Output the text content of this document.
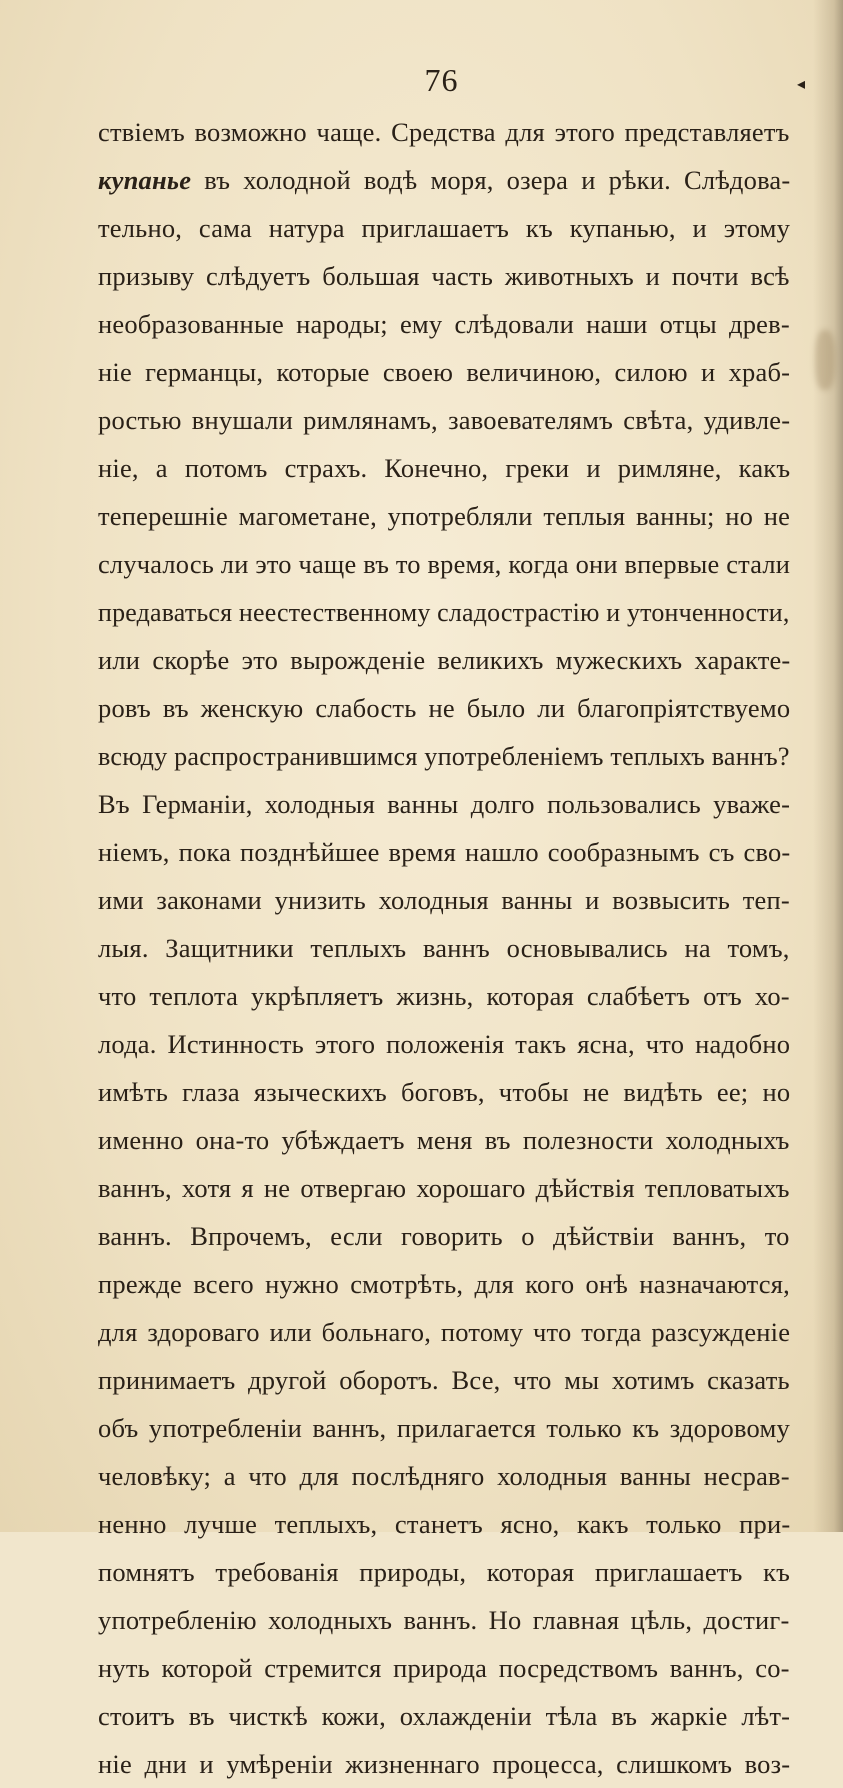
76	◂
ствіемъ возможно чаще. Средства для этого представляетъ
купанье въ холодной водѣ моря, озера и рѣки. Слѣдова-
тельно, сама натура приглашаетъ къ купанью, и этому
призыву слѣдуетъ большая часть животныхъ и почти всѣ
необразованные народы; ему слѣдовали наши отцы древ-
ніе германцы, которые своею величиною, силою и храб-
ростью внушали римлянамъ, завоевателямъ свѣта, удивле-
ніе, а потомъ страхъ. Конечно, греки и римляне, какъ
теперешніе магометане, употребляли теплыя ванны; но не
случалось ли это чаще въ то время, когда они впервые стали
предаваться неестественному сладострастію и утонченности,
или скорѣе это вырожденіе великихъ мужескихъ характе-
ровъ въ женскую слабость не было ли благопріятствуемо
всюду распространившимся употребленіемъ теплыхъ ваннъ?
Въ Германіи, холодныя ванны долго пользовались уваже-
ніемъ, пока позднѣйшее время нашло сообразнымъ съ сво-
ими законами унизить холодныя ванны и возвысить теп-
лыя. Защитники теплыхъ ваннъ основывались на томъ,
что теплота укрѣпляетъ жизнь, которая слабѣетъ отъ хо-
лода. Истинность этого положенія такъ ясна, что надобно
имѣть глаза языческихъ боговъ, чтобы не видѣть ее; но
именно она-то убѣждаетъ меня въ полезности холодныхъ
ваннъ, хотя я не отвергаю хорошаго дѣйствія тепловатыхъ
ваннъ. Впрочемъ, если говорить о дѣйствіи ваннъ, то
прежде всего нужно смотрѣть, для кого онѣ назначаются,
для здороваго или больнаго, потому что тогда разсужденіе
принимаетъ другой оборотъ. Все, что мы хотимъ сказать
объ употребленіи ваннъ, прилагается только къ здоровому
человѣку; а что для послѣдняго холодныя ванны несрав-
ненно лучше теплыхъ, станетъ ясно, какъ только при-
помнятъ требованія природы, которая приглашаетъ къ
употребленію холодныхъ ваннъ. Но главная цѣль, достиг-
нуть которой стремится природа посредствомъ ваннъ, со-
стоитъ въ чисткѣ кожи, охлажденіи тѣла въ жаркіе лѣт-
ніе дни и умѣреніи жизненнаго процесса, слишкомъ воз-
